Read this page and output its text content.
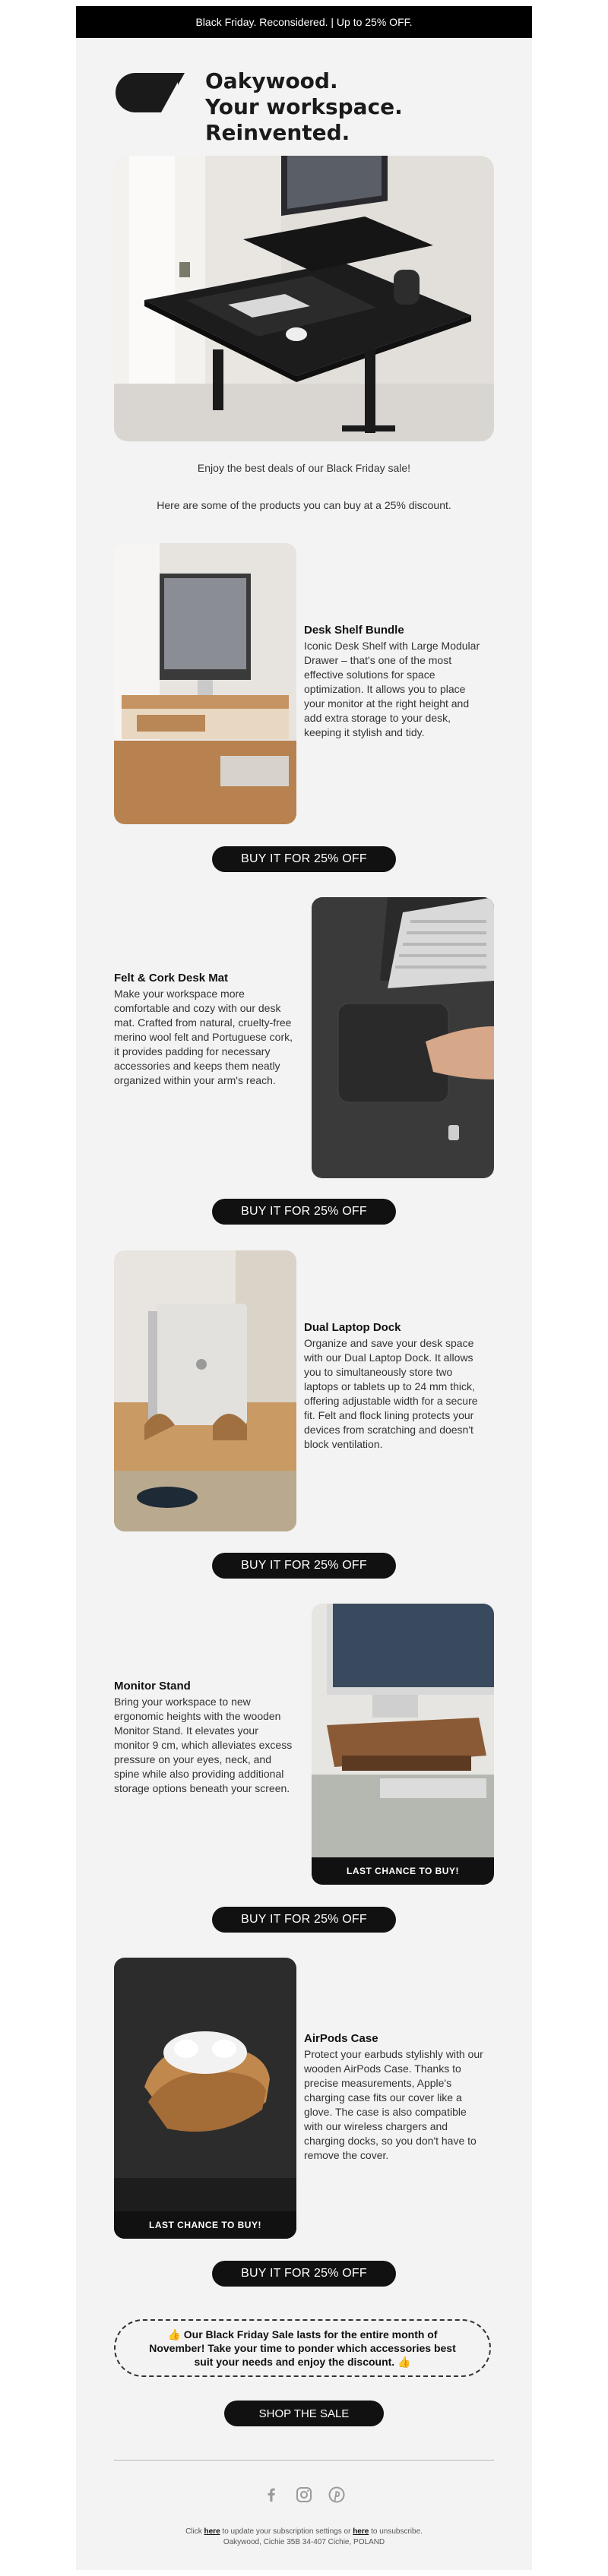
Black Friday. Reconsidered. | Up to 25% OFF.
Oakywood.
Your workspace. Reinvented.
Enjoy the best deals of our Black Friday sale!
Here are some of the products you can buy at a 25% discount.
Desk Shelf Bundle

Iconic Desk Shelf with Large Modular Drawer – that's one of the most effective solutions for space optimization. It allows you to place your monitor at the right height and add extra storage to your desk, keeping it stylish and tidy.

BUY IT FOR 25% OFF
Felt & Cork Desk Mat

Make your workspace more comfortable and cozy with our desk mat. Crafted from natural, cruelty-free merino wool felt and Portuguese cork, it provides padding for necessary accessories and keeps them neatly organized within your arm's reach.

BUY IT FOR 25% OFF
Dual Laptop Dock

Organize and save your desk space with our Dual Laptop Dock. It allows you to simultaneously store two laptops or tablets up to 24 mm thick, offering adjustable width for a secure fit. Felt and flock lining protects your devices from scratching and doesn't block ventilation.

BUY IT FOR 25% OFF
Monitor Stand

Bring your workspace to new ergonomic heights with the wooden Monitor Stand. It elevates your monitor 9 cm, which alleviates excess pressure on your eyes, neck, and spine while also providing additional storage options beneath your screen.

LAST CHANCE TO BUY!
BUY IT FOR 25% OFF
LAST CHANCE TO BUY!
AirPods Case

Protect your earbuds stylishly with our wooden AirPods Case. Thanks to precise measurements, Apple's charging case fits our cover like a glove. The case is also compatible with our wireless chargers and charging docks, so you don't have to remove the cover.

BUY IT FOR 25% OFF
👍 Our Black Friday Sale lasts for the entire month of November! Take your time to ponder which accessories best suit your needs and enjoy the discount. 👍
SHOP THE SALE
Click here to update your subscription settings or here to unsubscribe.
Oakywood, Cichie 35B 34-407 Cichie, POLAND
